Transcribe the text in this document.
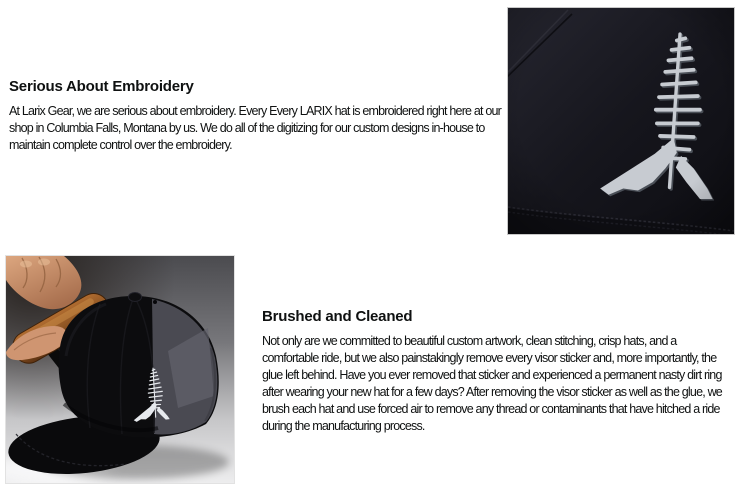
Serious About Embroidery

At Larix Gear, we are serious about embroidery. Every Every LARIX hat is embroidered right here at our shop in Columbia Falls, Montana by us. We do all of the digitizing for our custom designs in-house to maintain complete control over the embroidery.

Brushed and Cleaned

Not only are we committed to beautiful custom artwork, clean stitching, crisp hats, and a comfortable ride, but we also painstakingly remove every visor sticker and, more importantly, the glue left behind. Have you ever removed that sticker and experienced a permanent nasty dirt ring after wearing your new hat for a few days? After removing the visor sticker as well as the glue, we brush each hat and use forced air to remove any thread or contaminants that have hitched a ride during the manufacturing process.
